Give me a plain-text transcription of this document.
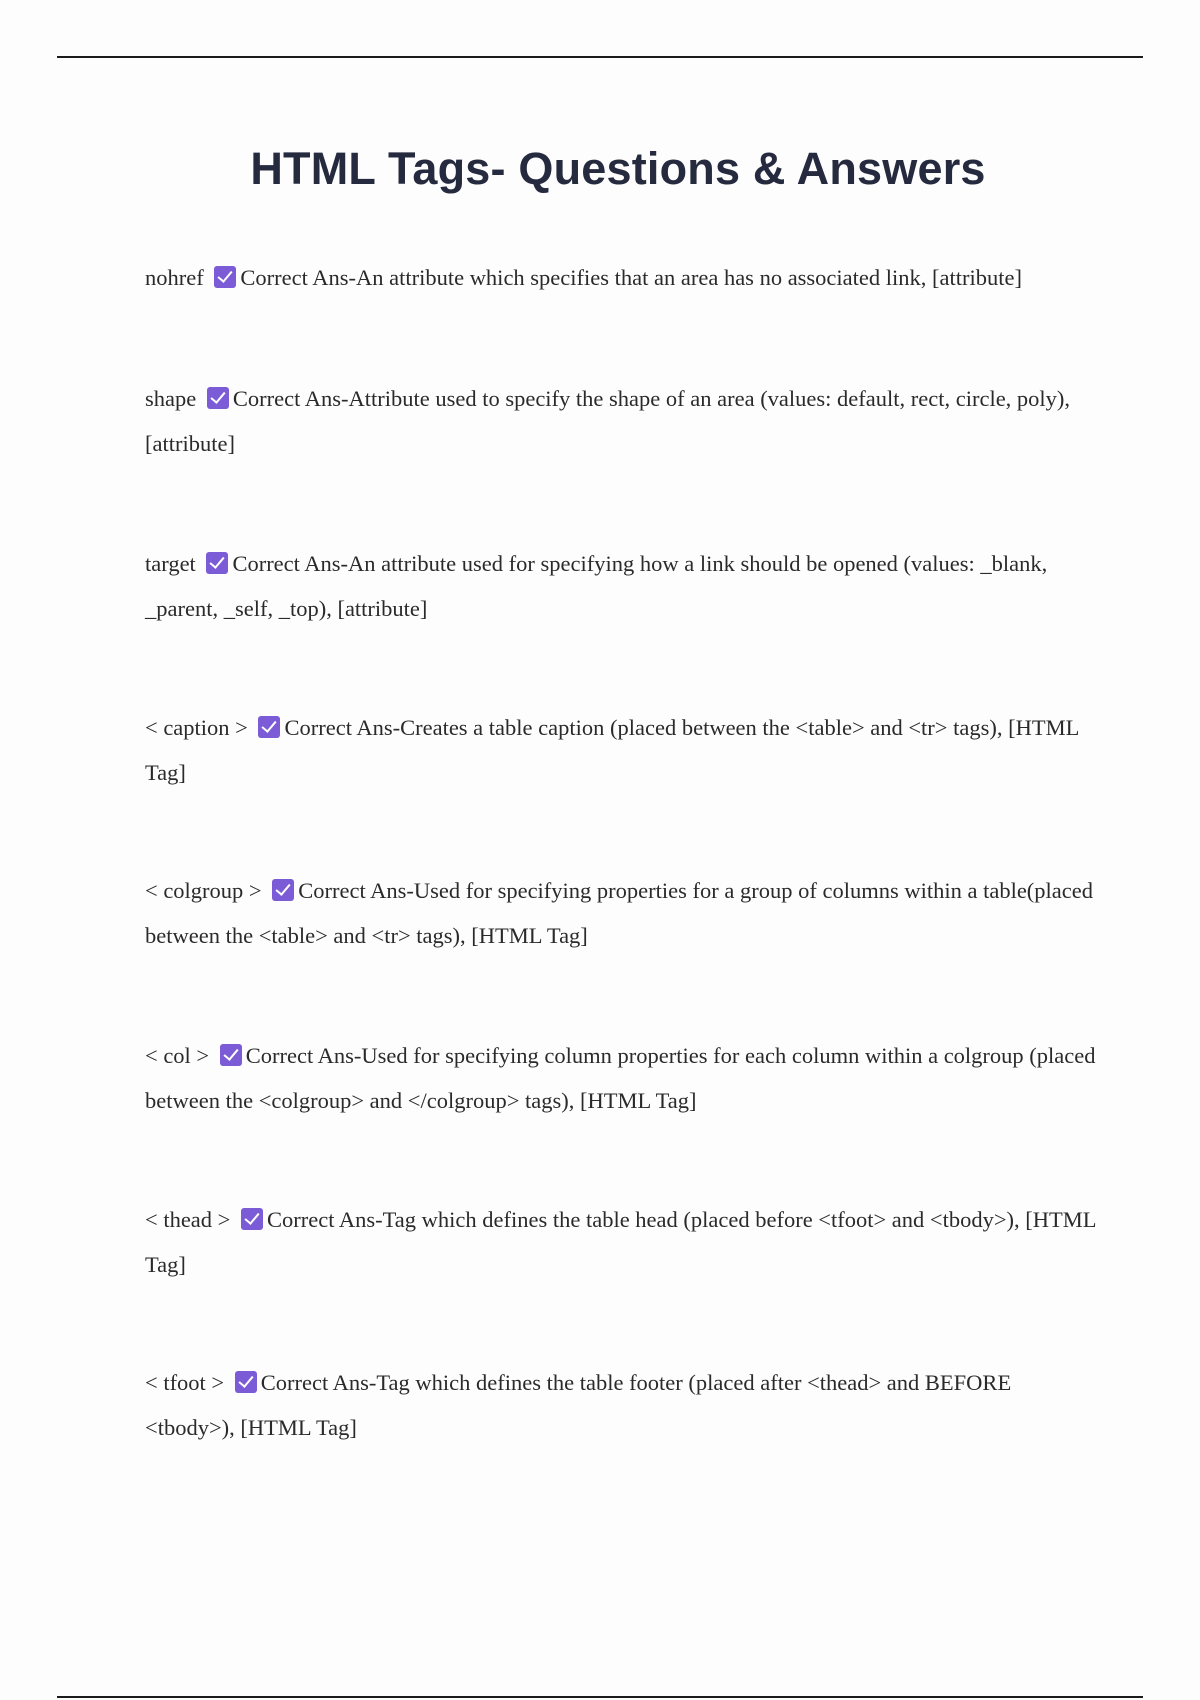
HTML Tags- Questions & Answers

nohref Correct Ans-An attribute which specifies that an area has no associated link, [attribute]

shape Correct Ans-Attribute used to specify the shape of an area (values: default, rect, circle, poly), [attribute]

target Correct Ans-An attribute used for specifying how a link should be opened (values: _blank, _parent, _self, _top), [attribute]

< caption > Correct Ans-Creates a table caption (placed between the <table> and <tr> tags), [HTML Tag]

< colgroup > Correct Ans-Used for specifying properties for a group of columns within a table(placed between the <table> and <tr> tags), [HTML Tag]

< col > Correct Ans-Used for specifying column properties for each column within a colgroup (placed between the <colgroup> and </colgroup> tags), [HTML Tag]

< thead > Correct Ans-Tag which defines the table head (placed before <tfoot> and <tbody>), [HTML Tag]

< tfoot > Correct Ans-Tag which defines the table footer (placed after <thead> and BEFORE <tbody>), [HTML Tag]
